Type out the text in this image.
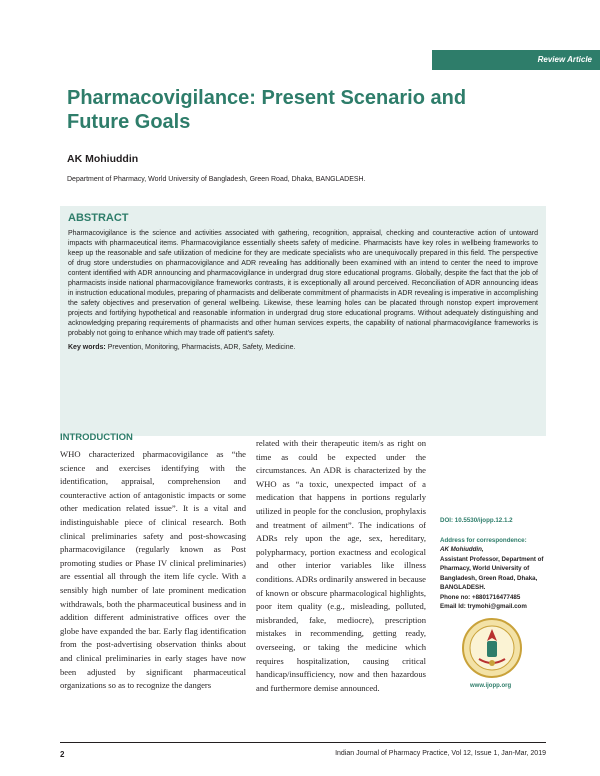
Review Article
Pharmacovigilance: Present Scenario and Future Goals
AK Mohiuddin
Department of Pharmacy, World University of Bangladesh, Green Road, Dhaka, BANGLADESH.
ABSTRACT

Pharmacovigilance is the science and activities associated with gathering, recognition, appraisal, checking and counteractive action of untoward impacts with pharmaceutical items. Pharmacovigilance essentially sheets safety of medicine. Pharmacists have key roles in wellbeing frameworks to keep up the reasonable and safe utilization of medicine for they are medicate specialists who are unequivocally prepared in this field. The perspective of drug store understudies on pharmacovigilance and ADR revealing has additionally been examined with an intend to center the need to improve content identified with ADR announcing and pharmacovigilance in undergrad drug store educational programs. Globally, despite the fact that the job of pharmacists inside national pharmacovigilance frameworks contrasts, it is exceptionally all around perceived. Reconciliation of ADR announcing ideas in instruction educational modules, preparing of pharmacists and deliberate commitment of pharmacists in ADR revealing is imperative in accomplishing the safety objectives and preservation of general wellbeing. Likewise, these learning holes can be placated through nonstop expert improvement projects and fortifying hypothetical and reasonable information in undergrad drug store educational programs. Without adequately distinguishing and acknowledging preparing requirements of pharmacists and other human services experts, the capability of national pharmacovigilance frameworks is probably not going to enhance which may trade off patient's safety.

Key words: Prevention, Monitoring, Pharmacists, ADR, Safety, Medicine.
INTRODUCTION

WHO characterized pharmacovigilance as “the science and exercises identifying with the identification, appraisal, comprehension and counteractive action of antagonistic impacts or some other medication related issue”. It is a vital and indistinguishable piece of clinical research. Both clinical preliminaries safety and post-showcasing pharmacovigilance (regularly known as Post promoting studies or Phase IV clinical preliminaries) are essential all through the item life cycle. With a sensibly high number of late prominent medication withdrawals, both the pharmaceutical business and in addition different administrative offices over the globe have expanded the bar. Early flag identification from the post-advertising observation thinks about and clinical preliminaries in early stages have now been adjusted by significant pharmaceutical organizations so as to recognize the dangers

related with their therapeutic item/s as right on time as could be expected under the circumstances. An ADR is characterized by the WHO as “a toxic, unexpected impact of a medication that happens in portions regularly utilized in people for the conclusion, prophylaxis and treatment of ailment”. The indications of ADRs rely upon the age, sex, hereditary, polypharmacy, portion exactness and ecological and other interior variables like illness conditions. ADRs ordinarily answered in because of known or obscure pharmacological highlights, poor item quality (e.g., misleading, polluted, misbranded, fake, mediocre), prescription mistakes in recommending, getting ready, overseeing, or taking the medicine which requires hospitalization, causing critical handicap/insufficiency, now and then hazardous and furthermore demise announced.

DOI: 10.5530/ijopp.12.1.2
Address for correspondence:
AK Mohiuddin,
Assistant Professor, Department of Pharmacy, World University of Bangladesh, Green Road, Dhaka, BANGLADESH.
Phone no: +8801716477485
Email Id: trymohi@gmail.com
www.ijopp.org
2	Indian Journal of Pharmacy Practice, Vol 12, Issue 1, Jan-Mar, 2019
